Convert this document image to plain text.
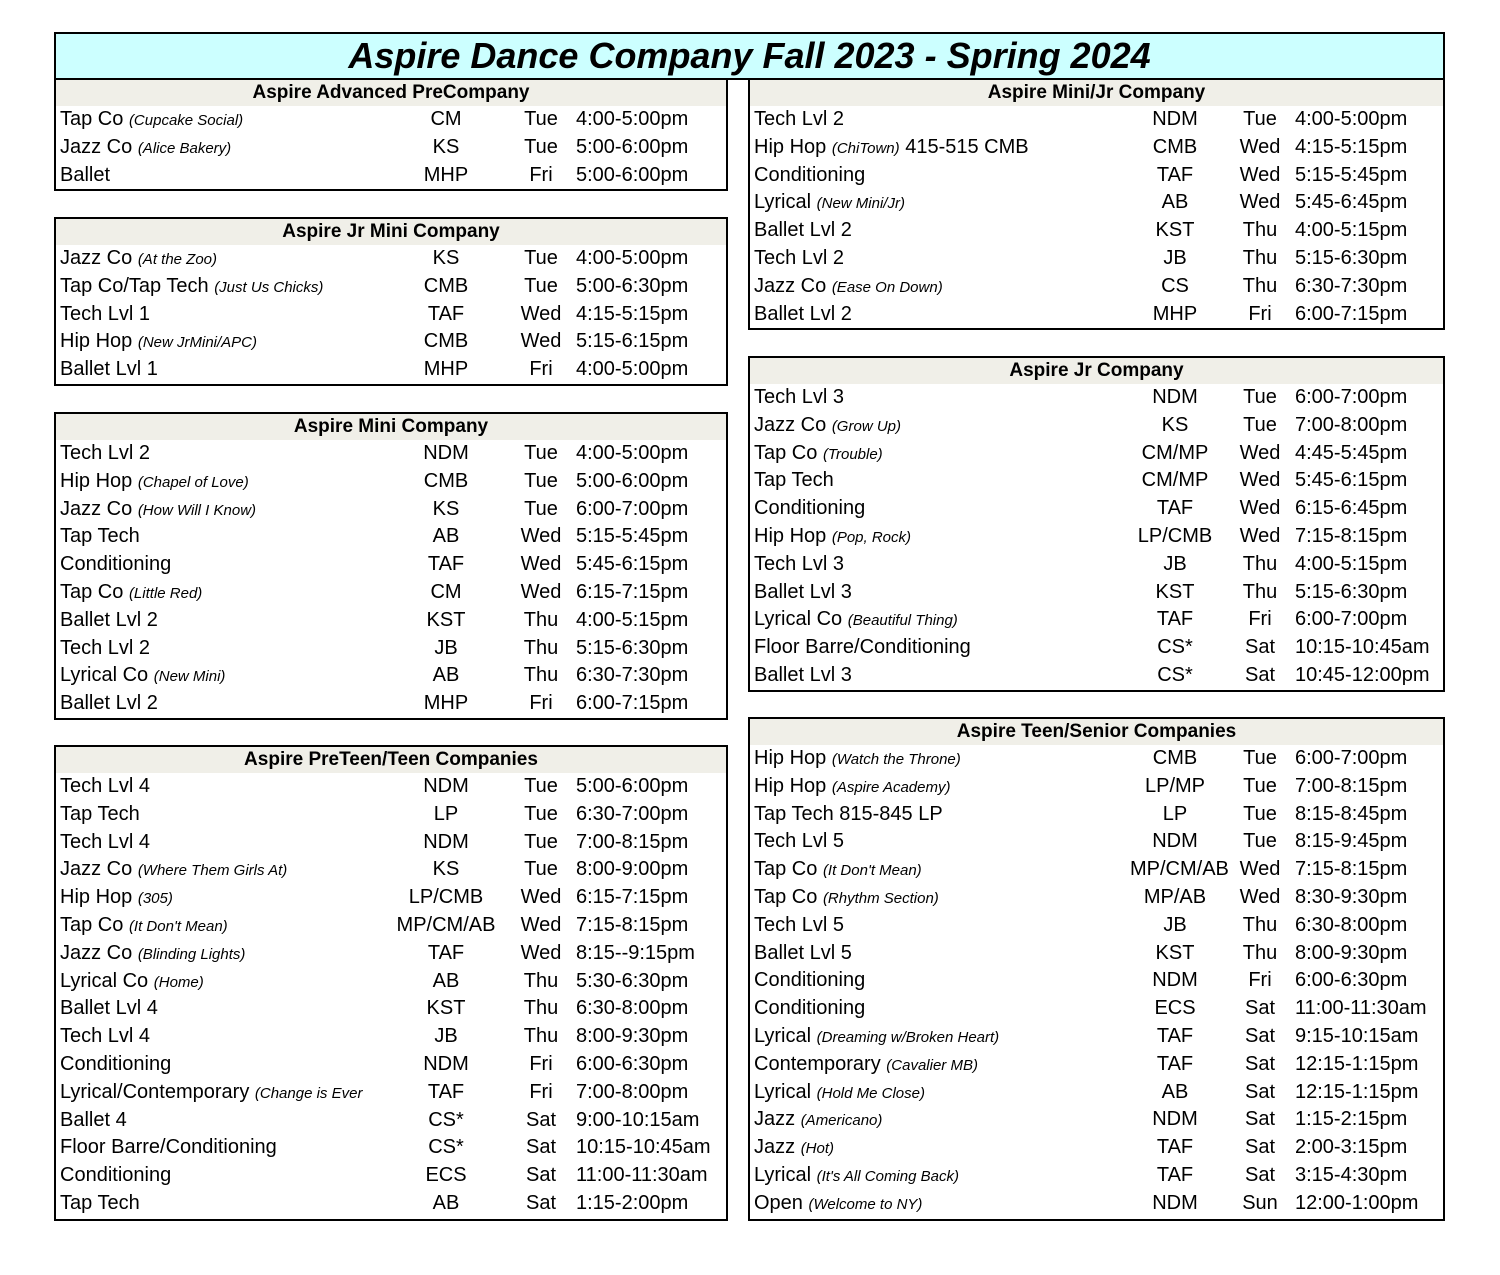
Aspire Dance Company Fall 2023 - Spring 2024
Aspire Advanced PreCompany
Tap Co (Cupcake Social)	CM	Tue 4:00-5:00pm
Jazz Co (Alice Bakery)	KS	Tue 5:00-6:00pm
Ballet	MHP	Fri	5:00-6:00pm
Aspire Jr Mini Company
Jazz Co (At the Zoo)	KS	Tue 4:00-5:00pm
Tap Co/Tap Tech (Just Us Chicks)	CMB	Tue 5:00-6:30pm
Tech Lvl 1	TAF	Wed 4:15-5:15pm
Hip Hop (New JrMini/APC)	CMB	Wed 5:15-6:15pm
Ballet Lvl 1	MHP	Fri	4:00-5:00pm
Aspire Mini Company
Tech Lvl 2	NDM	Tue 4:00-5:00pm
Hip Hop (Chapel of Love)	CMB	Tue 5:00-6:00pm
Jazz Co (How Will I Know)	KS	Tue 6:00-7:00pm
Tap Tech	AB	Wed 5:15-5:45pm
Conditioning	TAF	Wed 5:45-6:15pm
Tap Co (Little Red)	CM	Wed 6:15-7:15pm
Ballet Lvl 2	KST	Thu 4:00-5:15pm
Tech Lvl 2	JB	Thu 5:15-6:30pm
Lyrical Co (New Mini)	AB	Thu 6:30-7:30pm
Ballet Lvl 2	MHP	Fri	6:00-7:15pm
Aspire PreTeen/Teen Companies
Tech Lvl 4	NDM	Tue 5:00-6:00pm
Tap Tech	LP	Tue 6:30-7:00pm
Tech Lvl 4	NDM	Tue 7:00-8:15pm
Jazz Co (Where Them Girls At)	KS	Tue 8:00-9:00pm
Hip Hop (305)	LP/CMB	Wed 6:15-7:15pm
Tap Co (It Don't Mean)	MP/CM/AB	Wed 7:15-8:15pm
Jazz Co (Blinding Lights)	TAF	Wed 8:15--9:15pm
Lyrical Co (Home)	AB	Thu 5:30-6:30pm
Ballet Lvl 4	KST	Thu 6:30-8:00pm
Tech Lvl 4	JB	Thu 8:00-9:30pm
Conditioning	NDM	Fri	6:00-6:30pm
Lyrical/Contemporary (Change is Ever	TAF	Fri	7:00-8:00pm
Ballet 4	CS*	Sat 9:00-10:15am
Floor Barre/Conditioning	CS*	Sat 10:15-10:45am
Conditioning	ECS	Sat 11:00-11:30am
Tap Tech	AB	Sat 1:15-2:00pm
Aspire Mini/Jr Company
Tech Lvl 2	NDM	Tue 4:00-5:00pm
Hip Hop (ChiTown) 415-515 CMB	CMB	Wed 4:15-5:15pm
Conditioning	TAF	Wed 5:15-5:45pm
Lyrical (New Mini/Jr)	AB	Wed 5:45-6:45pm
Ballet Lvl 2	KST	Thu 4:00-5:15pm
Tech Lvl 2	JB	Thu 5:15-6:30pm
Jazz Co (Ease On Down)	CS	Thu 6:30-7:30pm
Ballet Lvl 2	MHP	Fri	6:00-7:15pm
Aspire Jr Company
Tech Lvl 3	NDM	Tue 6:00-7:00pm
Jazz Co (Grow Up)	KS	Tue 7:00-8:00pm
Tap Co (Trouble)	CM/MP	Wed 4:45-5:45pm
Tap Tech	CM/MP	Wed 5:45-6:15pm
Conditioning	TAF	Wed 6:15-6:45pm
Hip Hop (Pop, Rock)	LP/CMB	Wed 7:15-8:15pm
Tech Lvl 3	JB	Thu 4:00-5:15pm
Ballet Lvl 3	KST	Thu 5:15-6:30pm
Lyrical Co (Beautiful Thing)	TAF	Fri	6:00-7:00pm
Floor Barre/Conditioning	CS*	Sat 10:15-10:45am
Ballet Lvl 3	CS*	Sat 10:45-12:00pm
Aspire Teen/Senior Companies
Hip Hop (Watch the Throne)	CMB	Tue 6:00-7:00pm
Hip Hop (Aspire Academy)	LP/MP	Tue 7:00-8:15pm
Tap Tech 815-845 LP	LP	Tue 8:15-8:45pm
Tech Lvl 5	NDM	Tue 8:15-9:45pm
Tap Co (It Don't Mean)	MP/CM/AB Wed 7:15-8:15pm
Tap Co (Rhythm Section)	MP/AB	Wed 8:30-9:30pm
Tech Lvl 5	JB	Thu 6:30-8:00pm
Ballet Lvl 5	KST	Thu 8:00-9:30pm
Conditioning	NDM	Fri	6:00-6:30pm
Conditioning	ECS	Sat 11:00-11:30am
Lyrical (Dreaming w/Broken Heart)	TAF	Sat 9:15-10:15am
Contemporary (Cavalier MB)	TAF	Sat 12:15-1:15pm
Lyrical (Hold Me Close)	AB	Sat 12:15-1:15pm
Jazz (Americano)	NDM	Sat 1:15-2:15pm
Jazz (Hot)	TAF	Sat 2:00-3:15pm
Lyrical (It's All Coming Back)	TAF	Sat 3:15-4:30pm
Open (Welcome to NY)	NDM	Sun 12:00-1:00pm
